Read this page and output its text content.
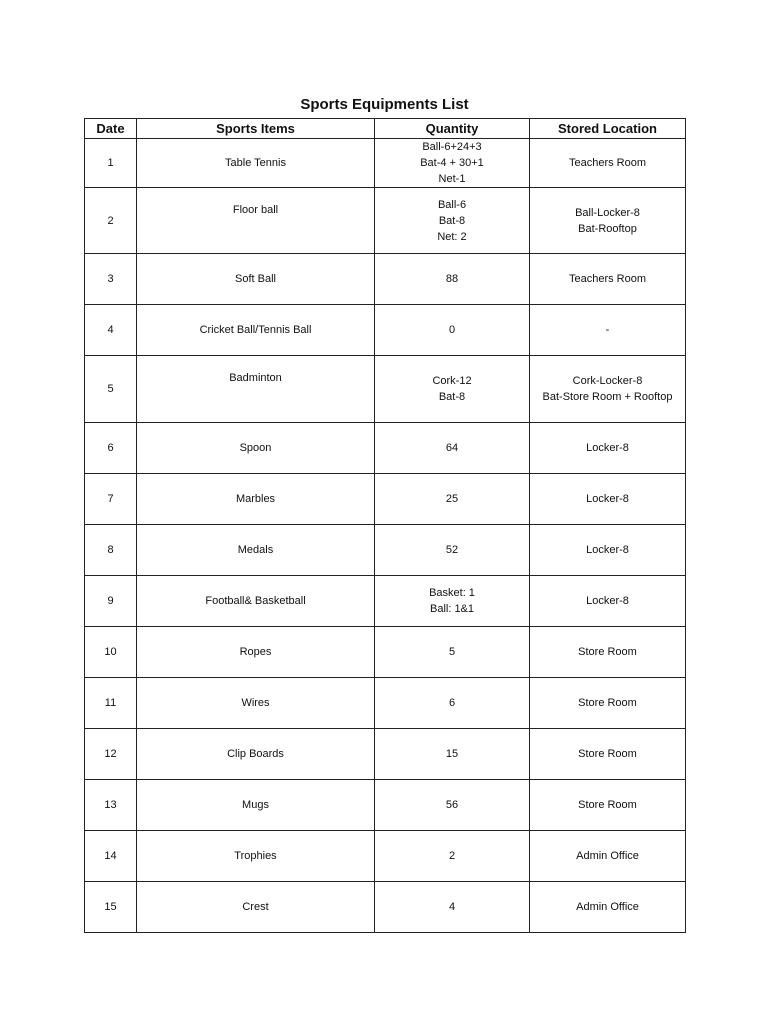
Sports Equipments List
Date	Sports Items	Quantity	Stored Location
1	Table Tennis	Ball-6+24+3
Bat-4 + 30+1
Net-1	Teachers Room

2	Floor ball	Ball-6
Bat-8
Net: 2	Ball-Locker-8
Bat-Rooftop

3	Soft Ball	88	Teachers Room

4	Cricket Ball/Tennis Ball	0	-

5	Badminton	Cork-12
Bat-8	Cork-Locker-8
Bat-Store Room + Rooftop

6	Spoon	64	Locker-8

7	Marbles	25	Locker-8

8	Medals	52	Locker-8

9	Football& Basketball	Basket: 1
Ball: 1&1	Locker-8

10	Ropes	5	Store Room

11	Wires	6	Store Room

12	Clip Boards	15	Store Room

13	Mugs	56	Store Room

14	Trophies	2	Admin Office

15	Crest	4	Admin Office
